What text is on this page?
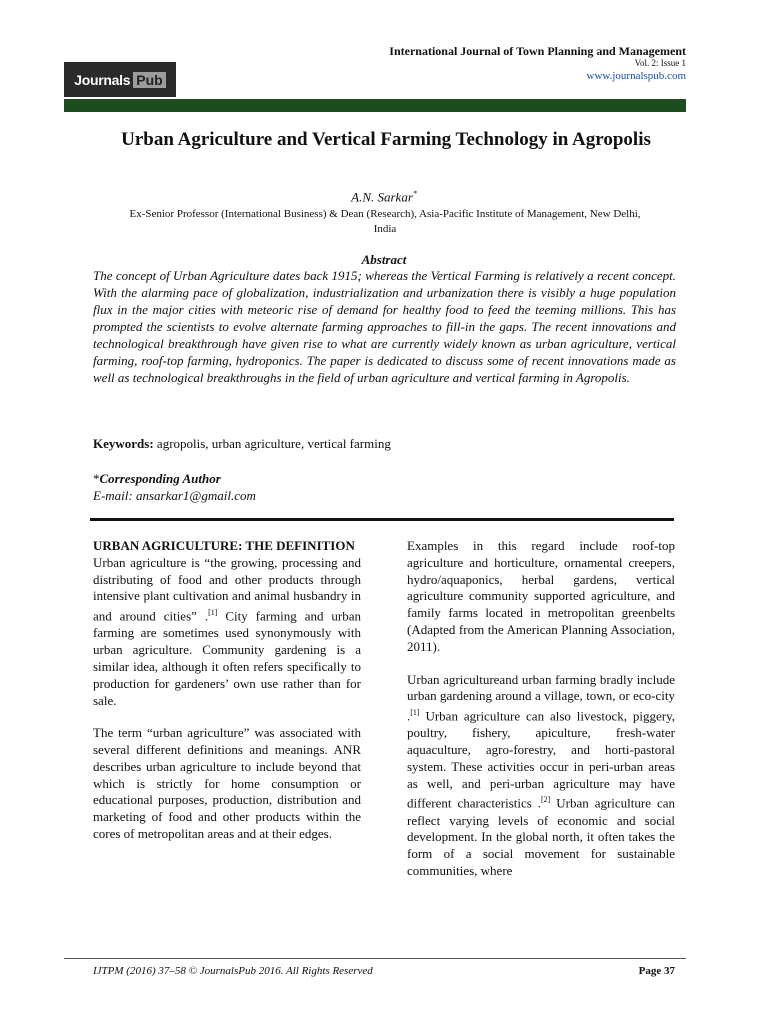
International Journal of Town Planning and Management
Vol. 2: Issue 1
www.journalspub.com
Journals Pub
Urban Agriculture and Vertical Farming Technology in Agropolis
A.N. Sarkar*
Ex-Senior Professor (International Business) & Dean (Research), Asia-Pacific Institute of Management, New Delhi, India
Abstract
The concept of Urban Agriculture dates back 1915; whereas the Vertical Farming is relatively a recent concept. With the alarming pace of globalization, industrialization and urbanization there is visibly a huge population flux in the major cities with meteoric rise of demand for healthy food to feed the teeming millions. This has prompted the scientists to evolve alternate farming approaches to fill-in the gaps. The recent innovations and technological breakthrough have given rise to what are currently widely known as urban agriculture, vertical farming, roof-top farming, hydroponics. The paper is dedicated to discuss some of recent innovations made as well as technological breakthroughs in the field of urban agriculture and vertical farming in Agropolis.
Keywords: agropolis, urban agriculture, vertical farming
*Corresponding Author
E-mail: ansarkar1@gmail.com
URBAN AGRICULTURE: THE DEFINITION

Urban agriculture is “the growing, processing and distributing of food and other products through intensive plant cultivation and animal husbandry in and around cities” .[1] City farming and urban farming are sometimes used synonymously with urban agriculture. Community gardening is a similar idea, although it often refers specifically to production for gardeners’ own use rather than for sale.

The term “urban agriculture” was associated with several different definitions and meanings. ANR describes urban agriculture to include beyond that which is strictly for home consumption or educational purposes, production, distribution and marketing of food and other products within the cores of metropolitan areas and at their edges.

Examples in this regard include roof-top agriculture and horticulture, ornamental creepers, hydro/aquaponics, herbal gardens, vertical agriculture community supported agriculture, and family farms located in metropolitan greenbelts (Adapted from the American Planning Association, 2011).

Urban agricultureand urban farming bradly include urban gardening around a village, town, or eco-city .[1] Urban agriculture can also livestock, piggery, poultry, fishery, apiculture, fresh-water aquaculture, agro-forestry, and horti-pastoral system. These activities occur in peri-urban areas as well, and peri-urban agriculture may have different characteristics .[2] Urban agriculture can reflect varying levels of economic and social development. In the global north, it often takes the form of a social movement for sustainable communities, where

IJTPM (2016) 37–58 © JournalsPub 2016. All Rights Reserved	Page 37
